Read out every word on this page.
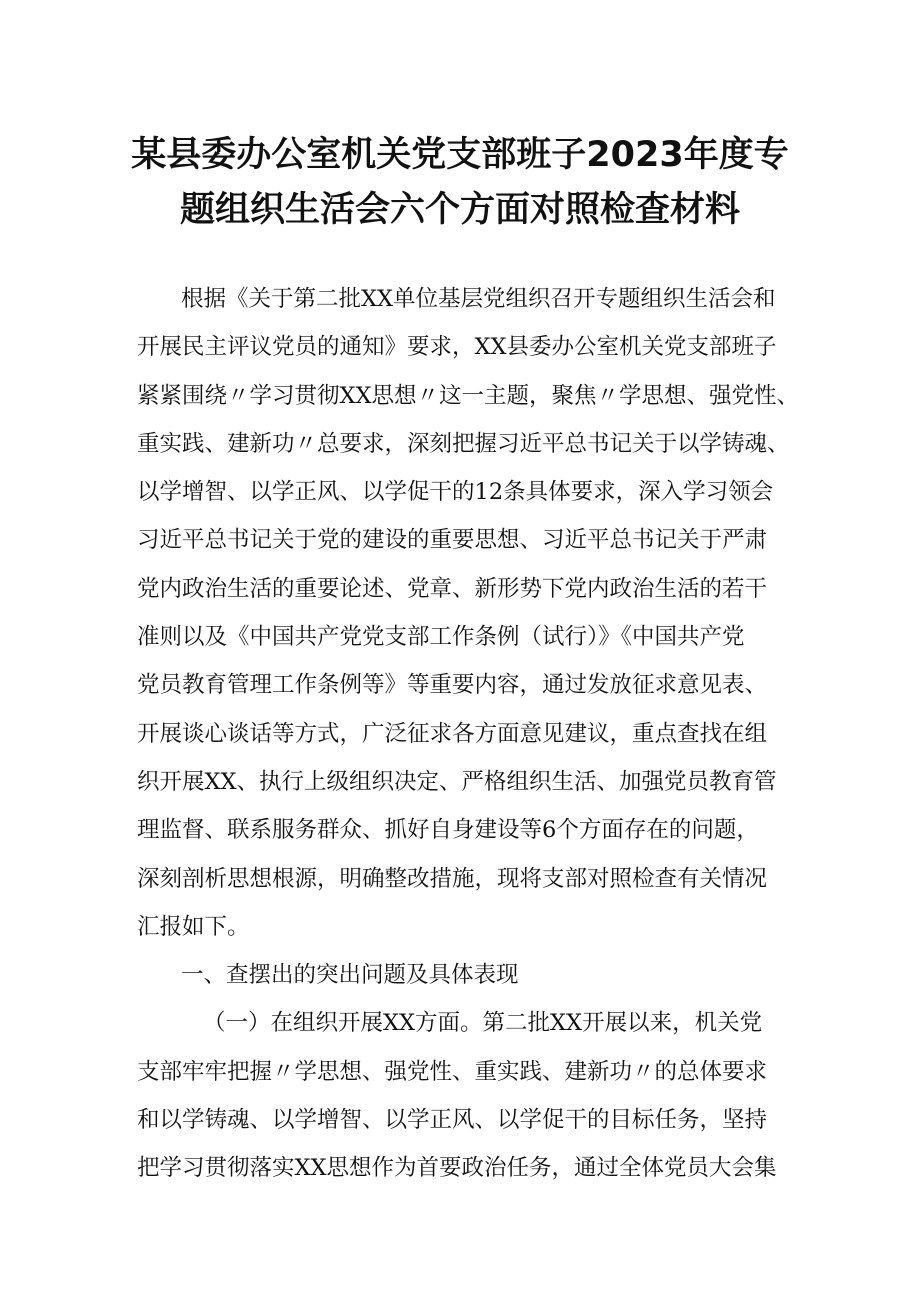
某县委办公室机关党支部班子2023年度专
题组织生活会六个方面对照检查材料
根据《关于第二批XX单位基层党组织召开专题组织生活会和
开展民主评议党员的通知》要求，XX县委办公室机关党支部班子
紧紧围绕〃学习贯彻XX思想〃这一主题，聚焦〃学思想、强党性、
重实践、建新功〃总要求，深刻把握习近平总书记关于以学铸魂、
以学增智、以学正风、以学促干的12条具体要求，深入学习领会
习近平总书记关于党的建设的重要思想、习近平总书记关于严肃
党内政治生活的重要论述、党章、新形势下党内政治生活的若干
准则以及《中国共产党党支部工作条例（试行）》《中国共产党
党员教育管理工作条例等》等重要内容，通过发放征求意见表、
开展谈心谈话等方式，广泛征求各方面意见建议，重点查找在组
织开展XX、执行上级组织决定、严格组织生活、加强党员教育管
理监督、联系服务群众、抓好自身建设等6个方面存在的问题，
深刻剖析思想根源，明确整改措施，现将支部对照检查有关情况
汇报如下。
一、查摆出的突出问题及具体表现
（一）在组织开展XX方面。第二批XX开展以来，机关党
支部牢牢把握〃学思想、强党性、重实践、建新功〃的总体要求
和以学铸魂、以学增智、以学正风、以学促干的目标任务，坚持
把学习贯彻落实XX思想作为首要政治任务，通过全体党员大会集
